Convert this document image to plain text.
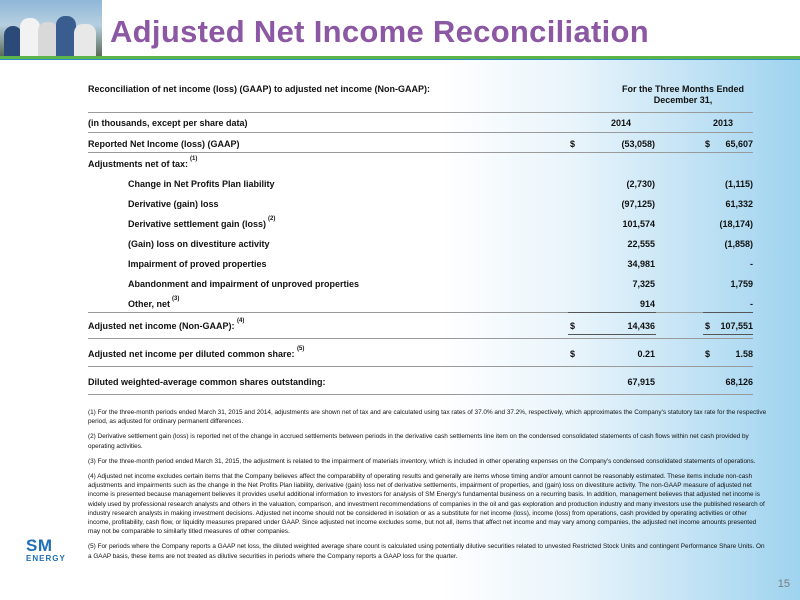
Adjusted Net Income Reconciliation
Reconciliation of net income (loss) (GAAP) to adjusted net income (Non-GAAP):	For the Three Months Ended
December 31,
(in thousands, except per share data)	2014	2013
Reported Net Income (loss) (GAAP)	$	(53,058)	$ 65,607
Adjustments net of tax: (1)
Change in Net Profits Plan liability	(2,730)	(1,115)
Derivative (gain) loss	(97,125)	61,332
Derivative settlement gain (loss) (2)	101,574	(18,174)
(Gain) loss on divestiture activity	22,555	(1,858)
Impairment of proved properties	34,981	-
Abandonment and impairment of unproved properties	7,325	1,759
Other, net (3)	914	-
Adjusted net income (Non-GAAP): (4)	$	14,436	$ 107,551
Adjusted net income per diluted common share: (5)	$	0.21	$	1.58
Diluted weighted-average common shares outstanding:	67,915	68,126

(1) For the three-month periods ended March 31, 2015 and 2014, adjustments are shown net of tax and are calculated using tax rates of 37.0% and 37.2%, respectively, which approximates the Company's statutory tax rate for the respective period, as adjusted for ordinary permanent differences.

(2) Derivative settlement gain (loss) is reported net of the change in accrued settlements between periods in the derivative cash settlements line item on the condensed consolidated statements of cash flows within net cash provided by operating activities.

(3) For the three-month period ended March 31, 2015, the adjustment is related to the impairment of materials inventory, which is included in other operating expenses on the Company's condensed consolidated statements of operations.

(4) Adjusted net income excludes certain items that the Company believes affect the comparability of operating results and generally are items whose timing and/or amount cannot be reasonably estimated. These items include non-cash adjustments and impairments such as the change in the Net Profits Plan liability, derivative (gain) loss net of derivative settlements, impairment of properties, and (gain) loss on divestiture activity. The non-GAAP measure of adjusted net income is presented because management believes it provides useful additional information to investors for analysis of SM Energy's fundamental business on a recurring basis. In addition, management believes that adjusted net income is widely used by professional research analysts and others in the valuation, comparison, and investment recommendations of companies in the oil and gas exploration and production industry and many investors use the published research of industry research analysts in making investment decisions. Adjusted net income should not be considered in isolation or as a substitute for net income (loss), income (loss) from operations, cash provided by operating activities or other income, profitability, cash flow, or liquidity measures prepared under GAAP. Since adjusted net income excludes some, but not all, items that affect net income and may vary among companies, the adjusted net income amounts presented may not be comparable to similarly titled measures of other companies.

(5) For periods where the Company reports a GAAP net loss, the diluted weighted average share count is calculated using potentially dilutive securities related to unvested Restricted Stock Units and contingent Performance Share Units. On a GAAP basis, these items are not treated as dilutive securities in periods where the Company reports a GAAP loss for the quarter.

SM
ENERGY
15
